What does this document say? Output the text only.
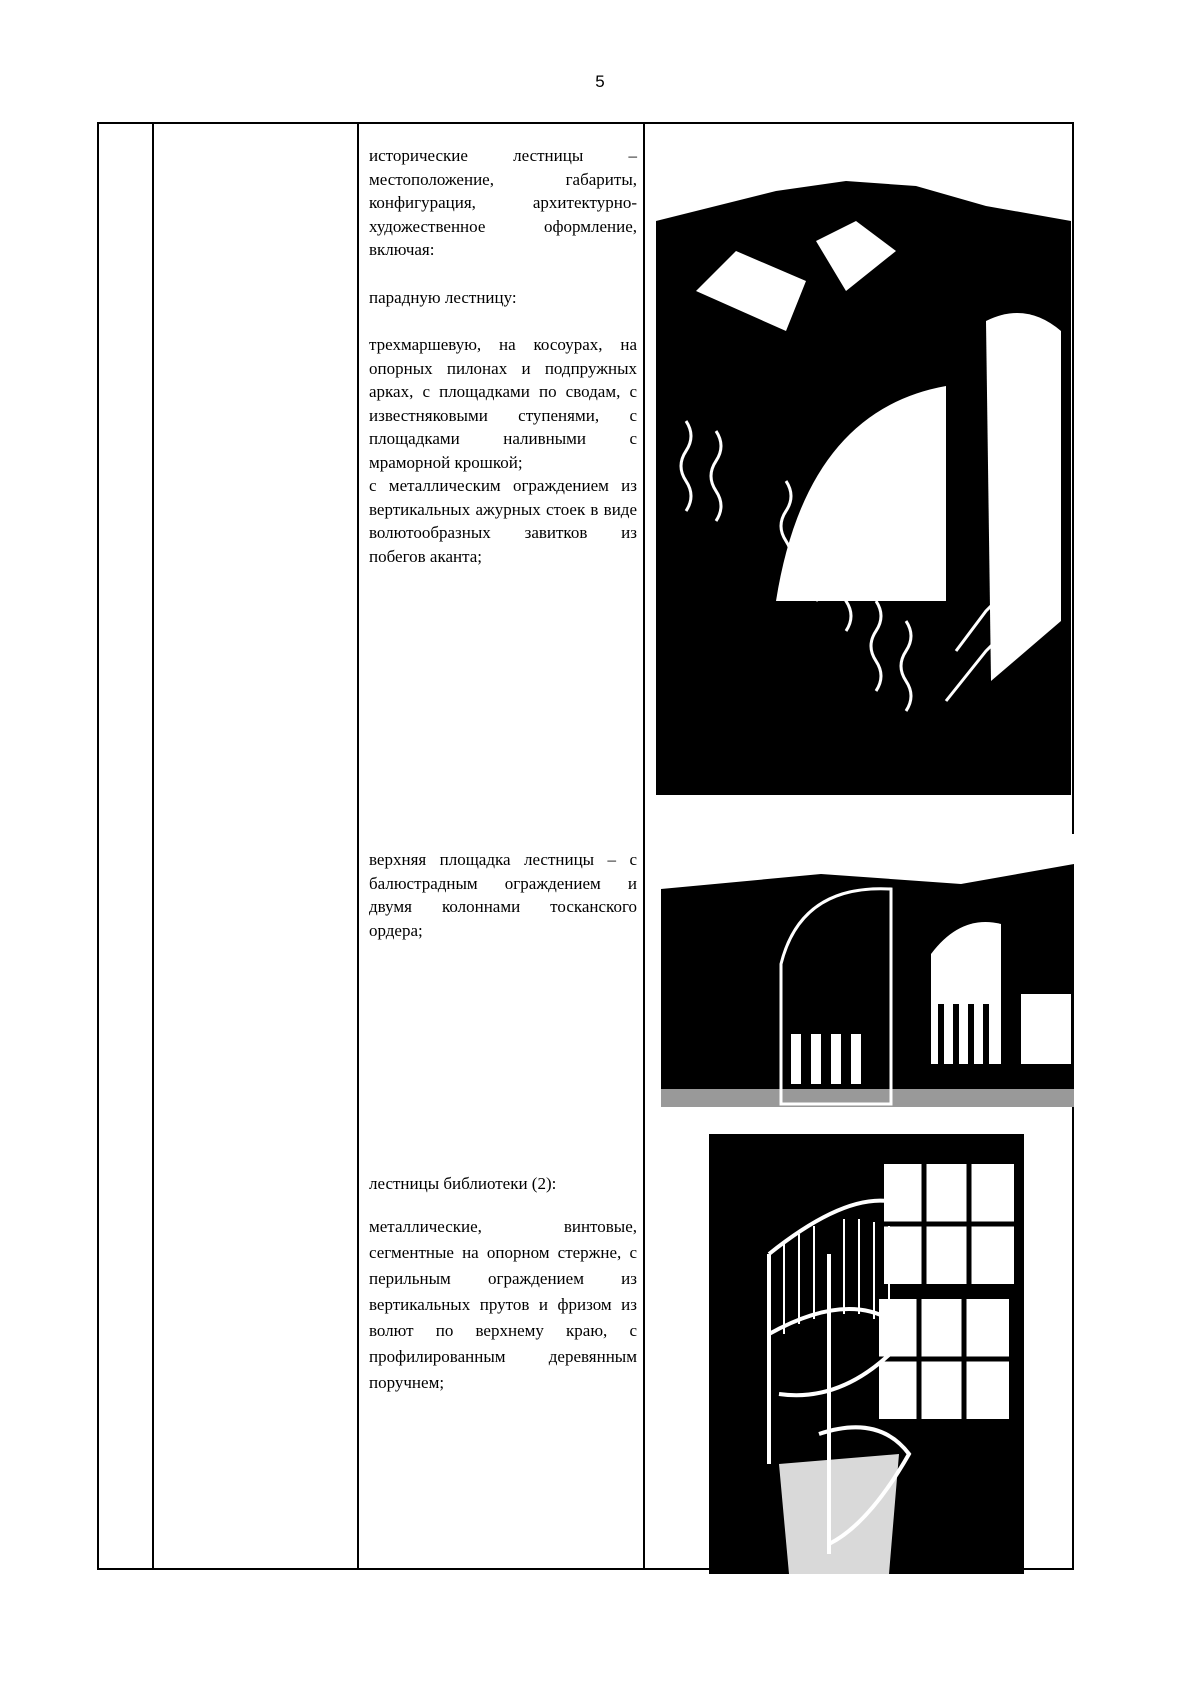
5

исторические лестницы – местоположение, габариты, конфигурация, архитектурно-художественное оформление, включая:

парадную лестницу:

трехмаршевую, на косоурах, на опорных пилонах и подпружных арках, с площадками по сводам, с известняковыми ступенями, с площадками наливными с мраморной крошкой;

с металлическим ограждением из вертикальных ажурных стоек в виде волютообразных завитков из побегов аканта;

верхняя площадка лестницы – с балюстрадным ограждением и двумя колоннами тосканского ордера;

лестницы библиотеки (2):

металлические, винтовые, сегментные на опорном стержне, с перильным ограждением из вертикальных прутов и фризом из волют по верхнему краю, с профилированным деревянным поручнем;
